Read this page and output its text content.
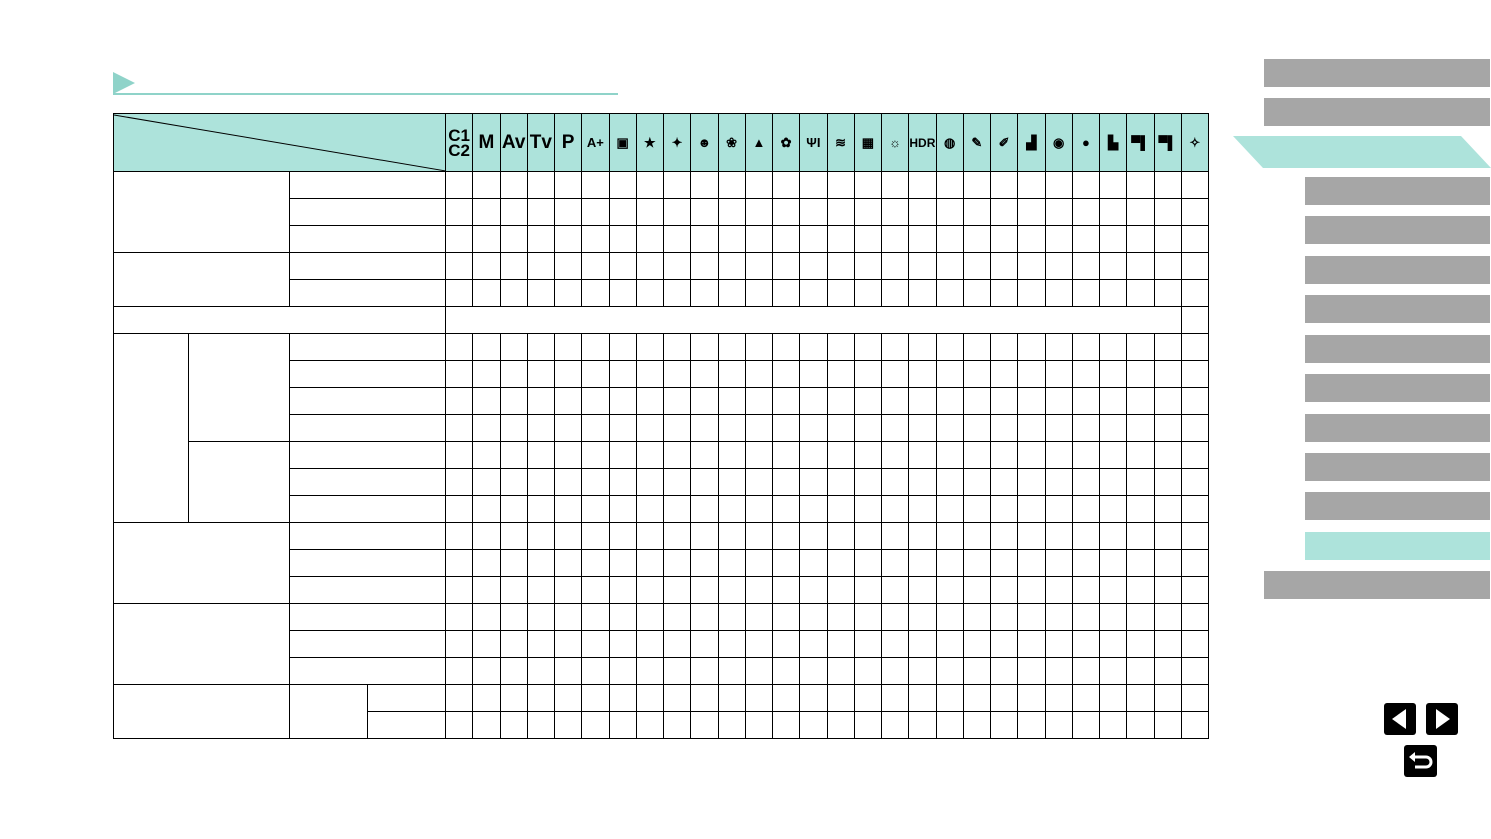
C1 C2	M	Av	Tv	P	A+	▣	★	✦	☻	❀	▲	✿	ΨΙ	≋	▦	☼	HDR	◍	✎	✐	▟	◉	●	▙	▀▌	▀▌	✧
